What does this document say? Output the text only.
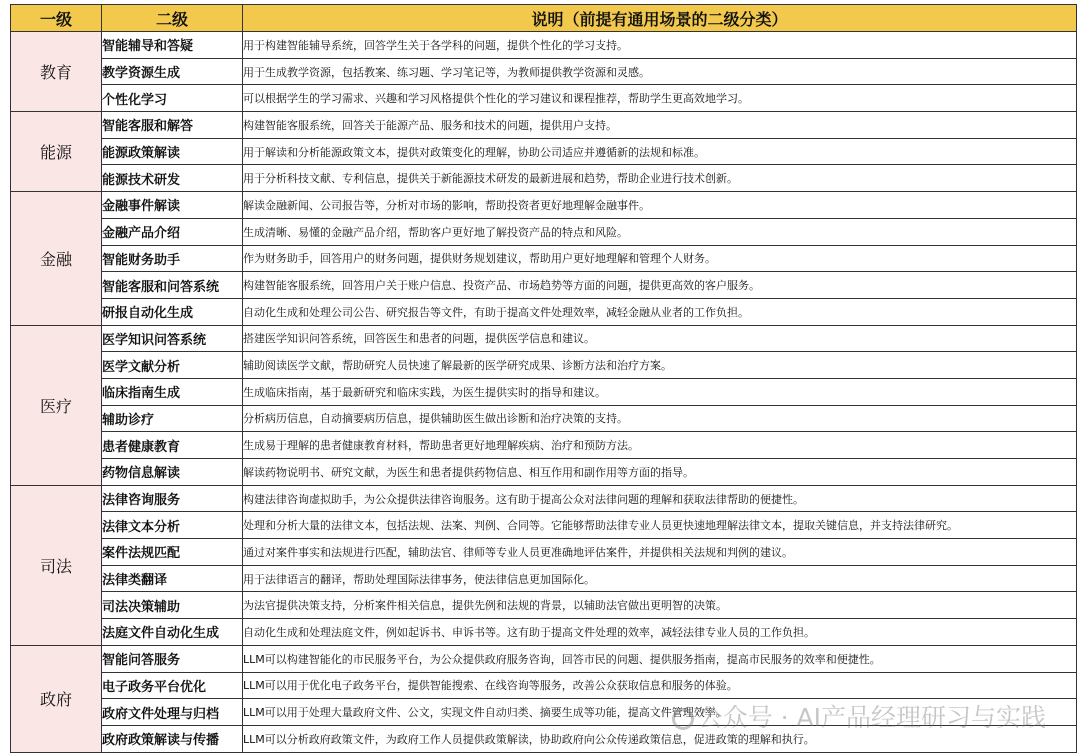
一级	二级	说明（前提有通用场景的二级分类）
教育	智能辅导和答疑	用于构建智能辅导系统，回答学生关于各学科的问题，提供个性化的学习支持。
	教学资源生成	用于生成教学资源，包括教案、练习题、学习笔记等，为教师提供教学资源和灵感。
	个性化学习	可以根据学生的学习需求、兴趣和学习风格提供个性化的学习建议和课程推荐，帮助学生更高效地学习。
能源	智能客服和解答	构建智能客服系统，回答关于能源产品、服务和技术的问题，提供用户支持。
	能源政策解读	用于解读和分析能源政策文本，提供对政策变化的理解，协助公司适应并遵循新的法规和标准。
	能源技术研发	用于分析科技文献、专利信息，提供关于新能源技术研发的最新进展和趋势，帮助企业进行技术创新。
金融	金融事件解读	解读金融新闻、公司报告等，分析对市场的影响，帮助投资者更好地理解金融事件。
	金融产品介绍	生成清晰、易懂的金融产品介绍，帮助客户更好地了解投资产品的特点和风险。
	智能财务助手	作为财务助手，回答用户的财务问题，提供财务规划建议，帮助用户更好地理解和管理个人财务。
	智能客服和问答系统	构建智能客服系统，回答用户关于账户信息、投资产品、市场趋势等方面的问题，提供更高效的客户服务。
	研报自动化生成	自动化生成和处理公司公告、研究报告等文件，有助于提高文件处理效率，减轻金融从业者的工作负担。
医疗	医学知识问答系统	搭建医学知识问答系统，回答医生和患者的问题，提供医学信息和建议。
	医学文献分析	辅助阅读医学文献，帮助研究人员快速了解最新的医学研究成果、诊断方法和治疗方案。
	临床指南生成	生成临床指南，基于最新研究和临床实践，为医生提供实时的指导和建议。
	辅助诊疗	分析病历信息，自动摘要病历信息，提供辅助医生做出诊断和治疗决策的支持。
	患者健康教育	生成易于理解的患者健康教育材料，帮助患者更好地理解疾病、治疗和预防方法。
	药物信息解读	解读药物说明书、研究文献，为医生和患者提供药物信息、相互作用和副作用等方面的指导。
司法	法律咨询服务	构建法律咨询虚拟助手，为公众提供法律咨询服务。这有助于提高公众对法律问题的理解和获取法律帮助的便捷性。
	法律文本分析	处理和分析大量的法律文本，包括法规、法案、判例、合同等。它能够帮助法律专业人员更快速地理解法律文本，提取关键信息，并支持法律研究。
	案件法规匹配	通过对案件事实和法规进行匹配，辅助法官、律师等专业人员更准确地评估案件，并提供相关法规和判例的建议。
	法律类翻译	用于法律语言的翻译，帮助处理国际法律事务，使法律信息更加国际化。
	司法决策辅助	为法官提供决策支持，分析案件相关信息，提供先例和法规的背景，以辅助法官做出更明智的决策。
	法庭文件自动化生成	自动化生成和处理法庭文件，例如起诉书、申诉书等。这有助于提高文件处理的效率，减轻法律专业人员的工作负担。
政府	智能问答服务	LLM可以构建智能化的市民服务平台，为公众提供政府服务咨询，回答市民的问题、提供服务指南，提高市民服务的效率和便捷性。
	电子政务平台优化	LLM可以用于优化电子政务平台，提供智能搜索、在线咨询等服务，改善公众获取信息和服务的体验。
	政府文件处理与归档	LLM可以用于处理大量政府文件、公文，实现文件自动归类、摘要生成等功能，提高文件管理效率。
	政府政策解读与传播	LLM可以分析政府政策文件，为政府工作人员提供政策解读，协助政府向公众传递政策信息，促进政策的理解和执行。
公众号 · AI产品经理研习与实践
